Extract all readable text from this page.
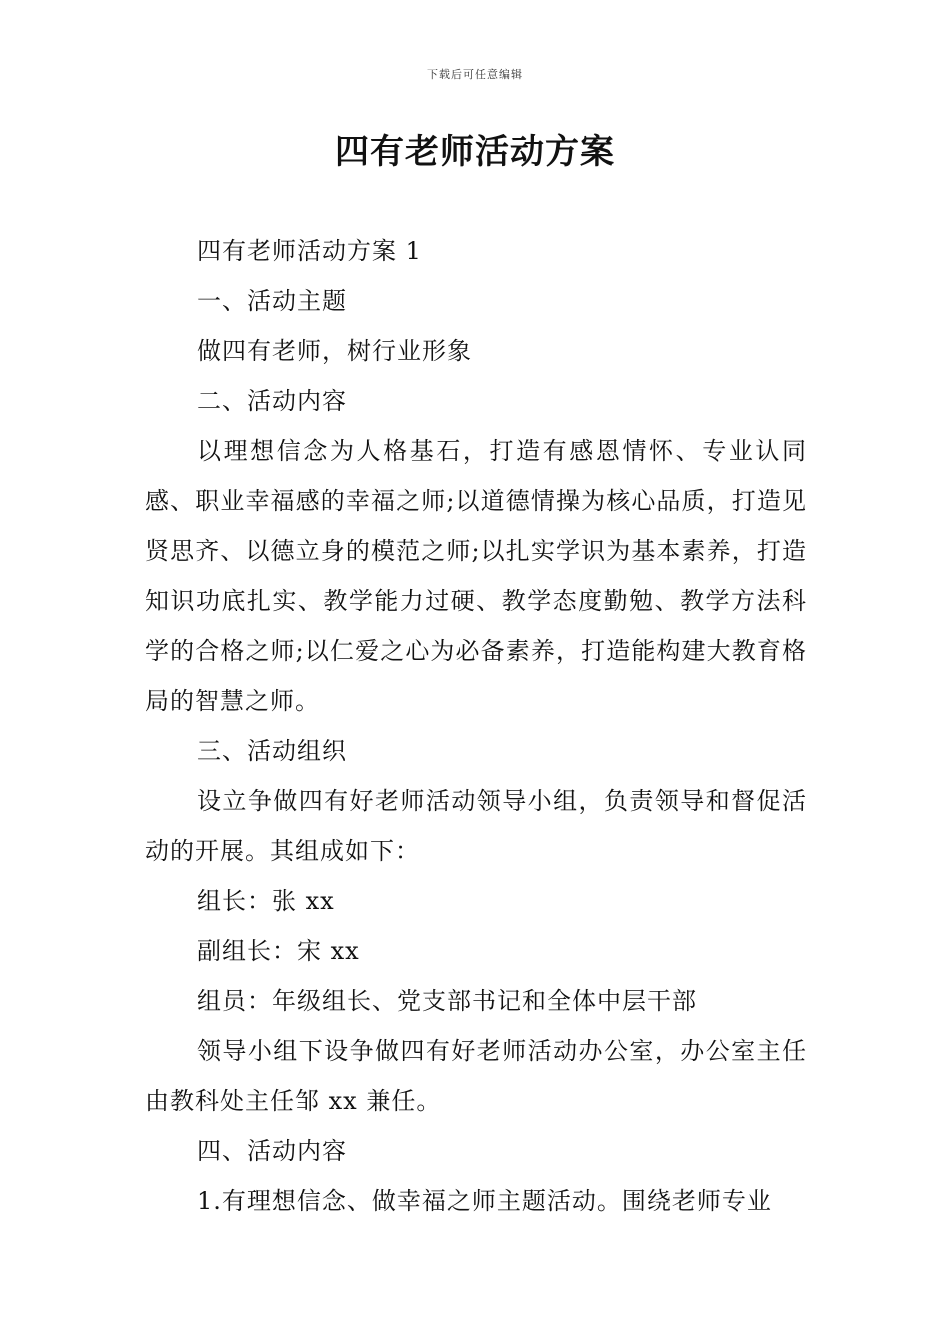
下载后可任意编辑
四有老师活动方案

四有老师活动方案 1

一、活动主题

做四有老师，树行业形象

二、活动内容

以理想信念为人格基石，打造有感恩情怀、专业认同感、职业幸福感的幸福之师;以道德情操为核心品质，打造见贤思齐、以德立身的模范之师;以扎实学识为基本素养，打造知识功底扎实、教学能力过硬、教学态度勤勉、教学方法科学的合格之师;以仁爱之心为必备素养，打造能构建大教育格局的智慧之师。

三、活动组织

设立争做四有好老师活动领导小组，负责领导和督促活动的开展。其组成如下：

组长：张 xx

副组长：宋 xx

组员：年级组长、党支部书记和全体中层干部

领导小组下设争做四有好老师活动办公室，办公室主任由教科处主任邹 xx 兼任。

四、活动内容

1.有理想信念、做幸福之师主题活动。围绕老师专业
